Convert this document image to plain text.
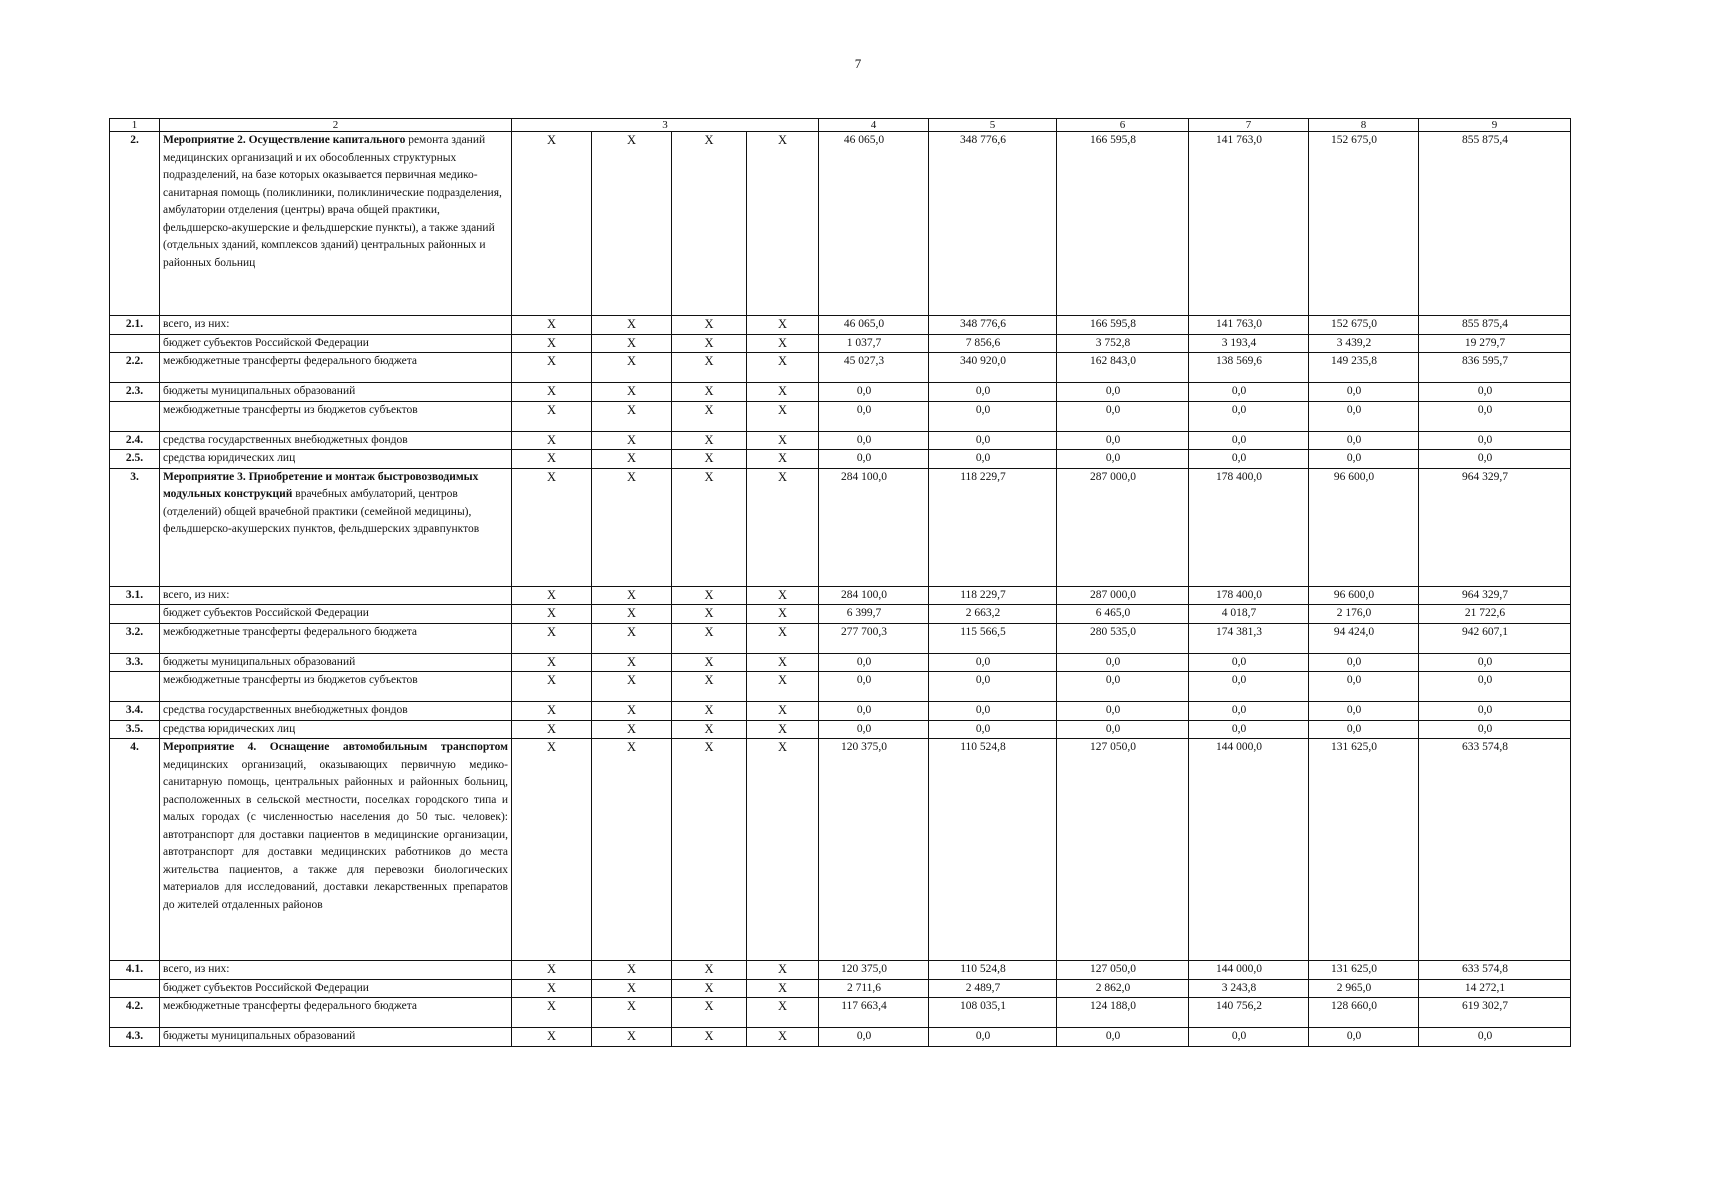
7
1	2	3				4	5	6	7	8	9
2.	Мероприятие 2. Осуществление капитального ремонта зданий медицинских организаций и их обособленных структурных подразделений, на базе которых оказывается первичная медико-санитарная помощь (поликлиники, поликлинические подразделения, амбулатории отделения (центры) врача общей практики, фельдшерско-акушерские и фельдшерские пункты), а также зданий (отдельных зданий, комплексов зданий) центральных районных и районных больниц	X	X	X	X	46 065,0	348 776,6	166 595,8	141 763,0	152 675,0	855 875,4
2.1.	всего, из них:	X	X	X	X	46 065,0	348 776,6	166 595,8	141 763,0	152 675,0	855 875,4
	бюджет субъектов Российской Федерации	X	X	X	X	1 037,7	7 856,6	3 752,8	3 193,4	3 439,2	19 279,7
2.2.	межбюджетные трансферты федерального бюджета	X	X	X	X	45 027,3	340 920,0	162 843,0	138 569,6	149 235,8	836 595,7
2.3.	бюджеты муниципальных образований	X	X	X	X	0,0	0,0	0,0	0,0	0,0	0,0
	межбюджетные трансферты из бюджетов субъектов	X	X	X	X	0,0	0,0	0,0	0,0	0,0	0,0
2.4.	средства государственных внебюджетных фондов	X	X	X	X	0,0	0,0	0,0	0,0	0,0	0,0
2.5.	средства юридических лиц	X	X	X	X	0,0	0,0	0,0	0,0	0,0	0,0
3.	Мероприятие 3. Приобретение и монтаж быстровозводимых модульных конструкций врачебных амбулаторий, центров (отделений) общей врачебной практики (семейной медицины), фельдшерско-акушерских пунктов, фельдшерских здравпунктов	X	X	X	X	284 100,0	118 229,7	287 000,0	178 400,0	96 600,0	964 329,7
3.1.	всего, из них:	X	X	X	X	284 100,0	118 229,7	287 000,0	178 400,0	96 600,0	964 329,7
	бюджет субъектов Российской Федерации	X	X	X	X	6 399,7	2 663,2	6 465,0	4 018,7	2 176,0	21 722,6
3.2.	межбюджетные трансферты федерального бюджета	X	X	X	X	277 700,3	115 566,5	280 535,0	174 381,3	94 424,0	942 607,1
3.3.	бюджеты муниципальных образований	X	X	X	X	0,0	0,0	0,0	0,0	0,0	0,0
	межбюджетные трансферты из бюджетов субъектов	X	X	X	X	0,0	0,0	0,0	0,0	0,0	0,0
3.4.	средства государственных внебюджетных фондов	X	X	X	X	0,0	0,0	0,0	0,0	0,0	0,0
3.5.	средства юридических лиц	X	X	X	X	0,0	0,0	0,0	0,0	0,0	0,0
4.	Мероприятие 4. Оснащение автомобильным транспортом медицинских организаций, оказывающих первичную медико-санитарную помощь, центральных районных и районных больниц, расположенных в сельской местности, поселках городского типа и малых городах (с численностью населения до 50 тыс. человек): автотранспорт для доставки пациентов в медицинские организации, автотранспорт для доставки медицинских работников до места жительства пациентов, а также для перевозки биологических материалов для исследований, доставки лекарственных препаратов до жителей отдаленных районов	X	X	X	X	120 375,0	110 524,8	127 050,0	144 000,0	131 625,0	633 574,8
4.1.	всего, из них:	X	X	X	X	120 375,0	110 524,8	127 050,0	144 000,0	131 625,0	633 574,8
	бюджет субъектов Российской Федерации	X	X	X	X	2 711,6	2 489,7	2 862,0	3 243,8	2 965,0	14 272,1
4.2.	межбюджетные трансферты федерального бюджета	X	X	X	X	117 663,4	108 035,1	124 188,0	140 756,2	128 660,0	619 302,7
4.3.	бюджеты муниципальных образований	X	X	X	X	0,0	0,0	0,0	0,0	0,0	0,0
